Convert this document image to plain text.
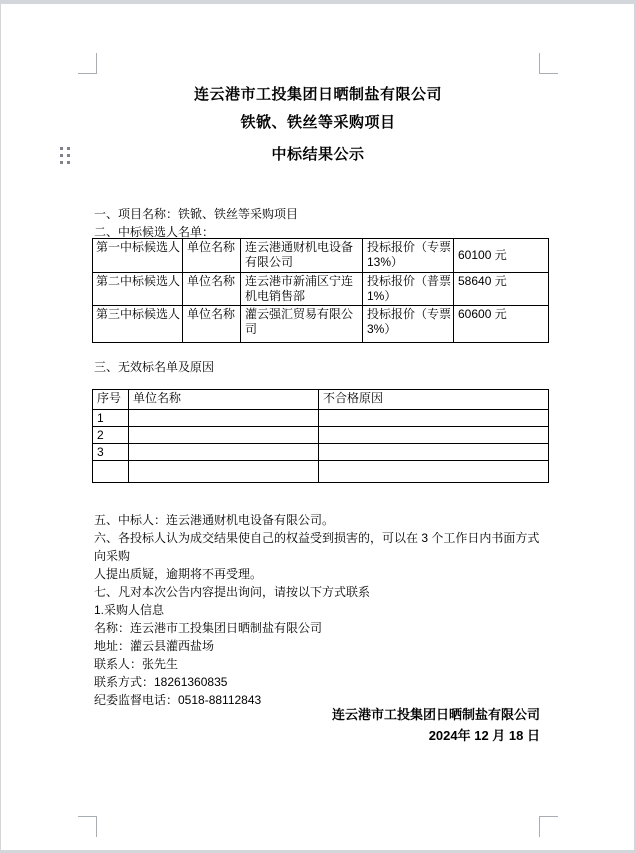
连云港市工投集团日晒制盐有限公司
铁锨、铁丝等采购项目
中标结果公示
一、项目名称：铁锨、铁丝等采购项目
二、中标候选人名单：
第一中标候选人	单位名称	连云港通财机电设备有限公司	投标报价（专票13%）	60100 元
第二中标候选人	单位名称	连云港市新浦区宁连机电销售部	投标报价（普票1%）	58640 元
第三中标候选人	单位名称	灌云强汇贸易有限公司	投标报价（专票3%）	60600 元
三、无效标名单及原因
序号	单位名称	不合格原因
1		
2		
3		

五、中标人：连云港通财机电设备有限公司。
六、各投标人认为成交结果使自己的权益受到损害的，可以在 3 个工作日内书面方式向采购
人提出质疑，逾期将不再受理。
七、凡对本次公告内容提出询问，请按以下方式联系
1.采购人信息
名称：连云港市工投集团日晒制盐有限公司
地址：灌云县灌西盐场
联系人：张先生
联系方式：18261360835
纪委监督电话：0518-88112843
连云港市工投集团日晒制盐有限公司
2024年 12 月 18 日
